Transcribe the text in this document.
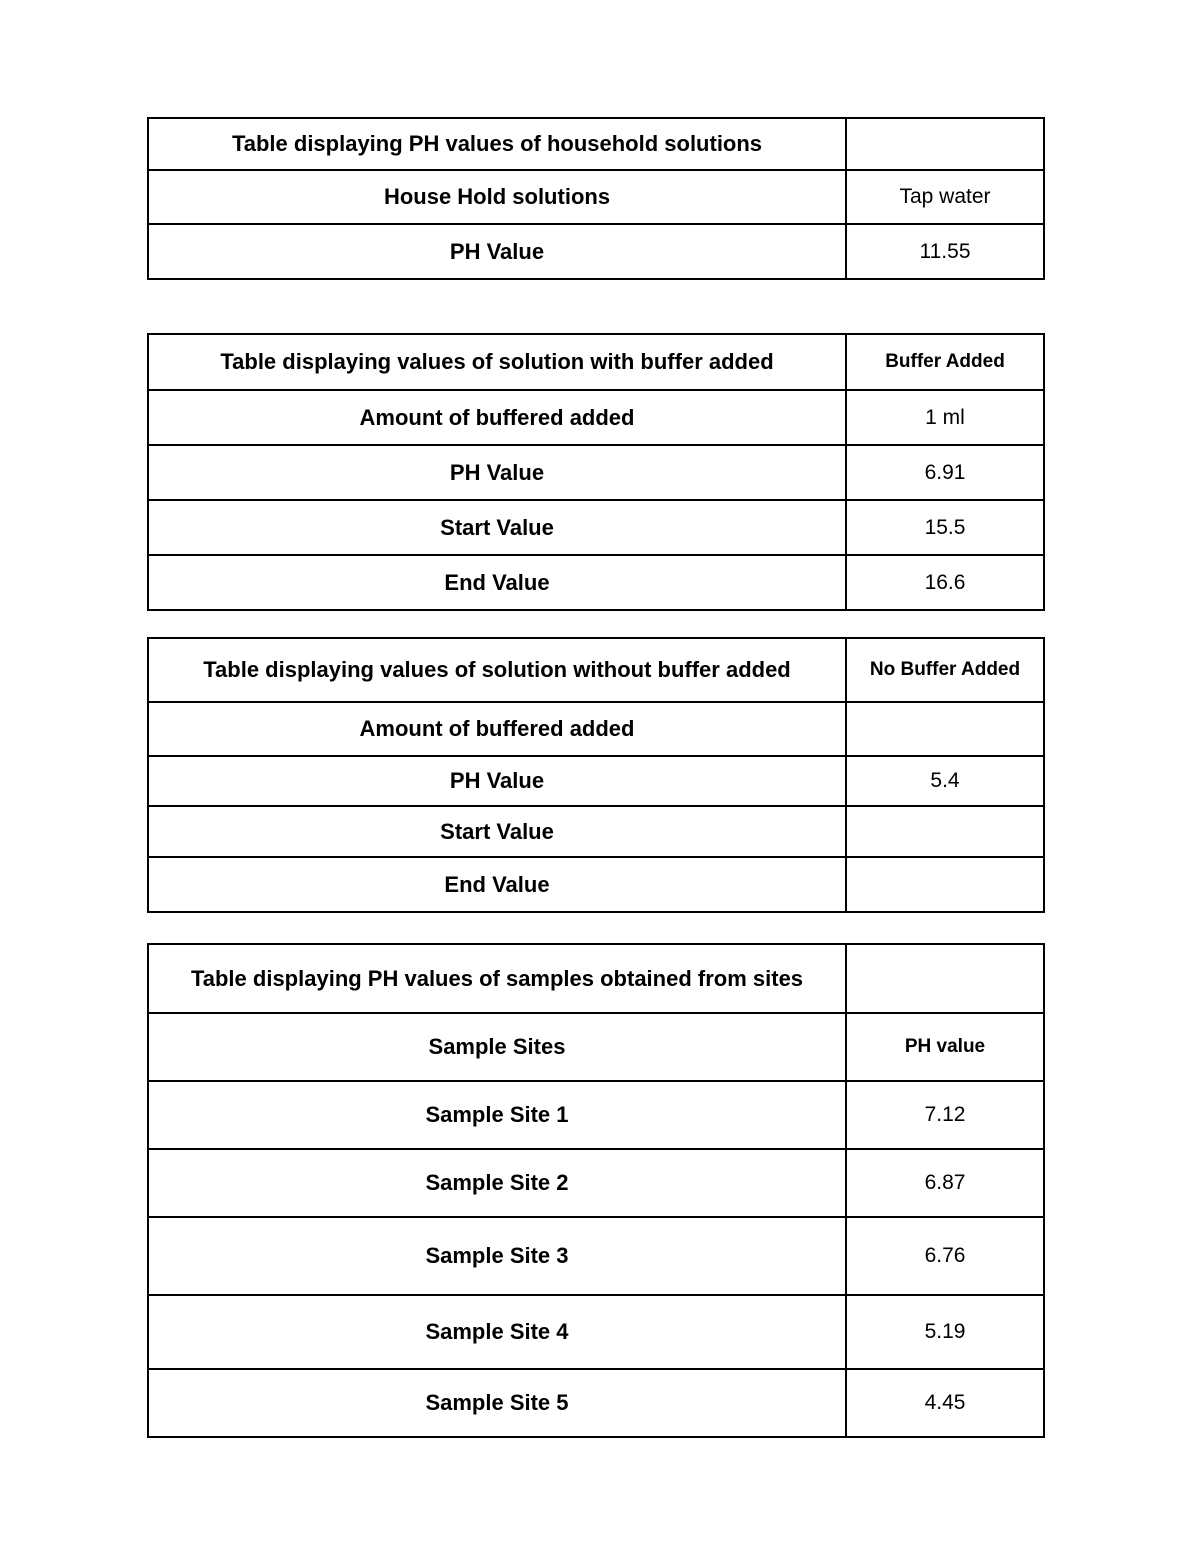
Table displaying PH values of household solutions	
House Hold solutions	Tap water
PH Value	11.55
Table displaying values of solution with buffer added	Buffer Added
Amount of buffered added	1 ml
PH Value	6.91
Start Value	15.5
End Value	16.6
Table displaying values of solution without buffer added	No Buffer Added
Amount of buffered added	
PH Value	5.4
Start Value	
End Value	
Table displaying PH values of samples obtained from sites	
Sample Sites	PH value
Sample Site 1	7.12
Sample Site 2	6.87
Sample Site 3	6.76
Sample Site 4	5.19
Sample Site 5	4.45
